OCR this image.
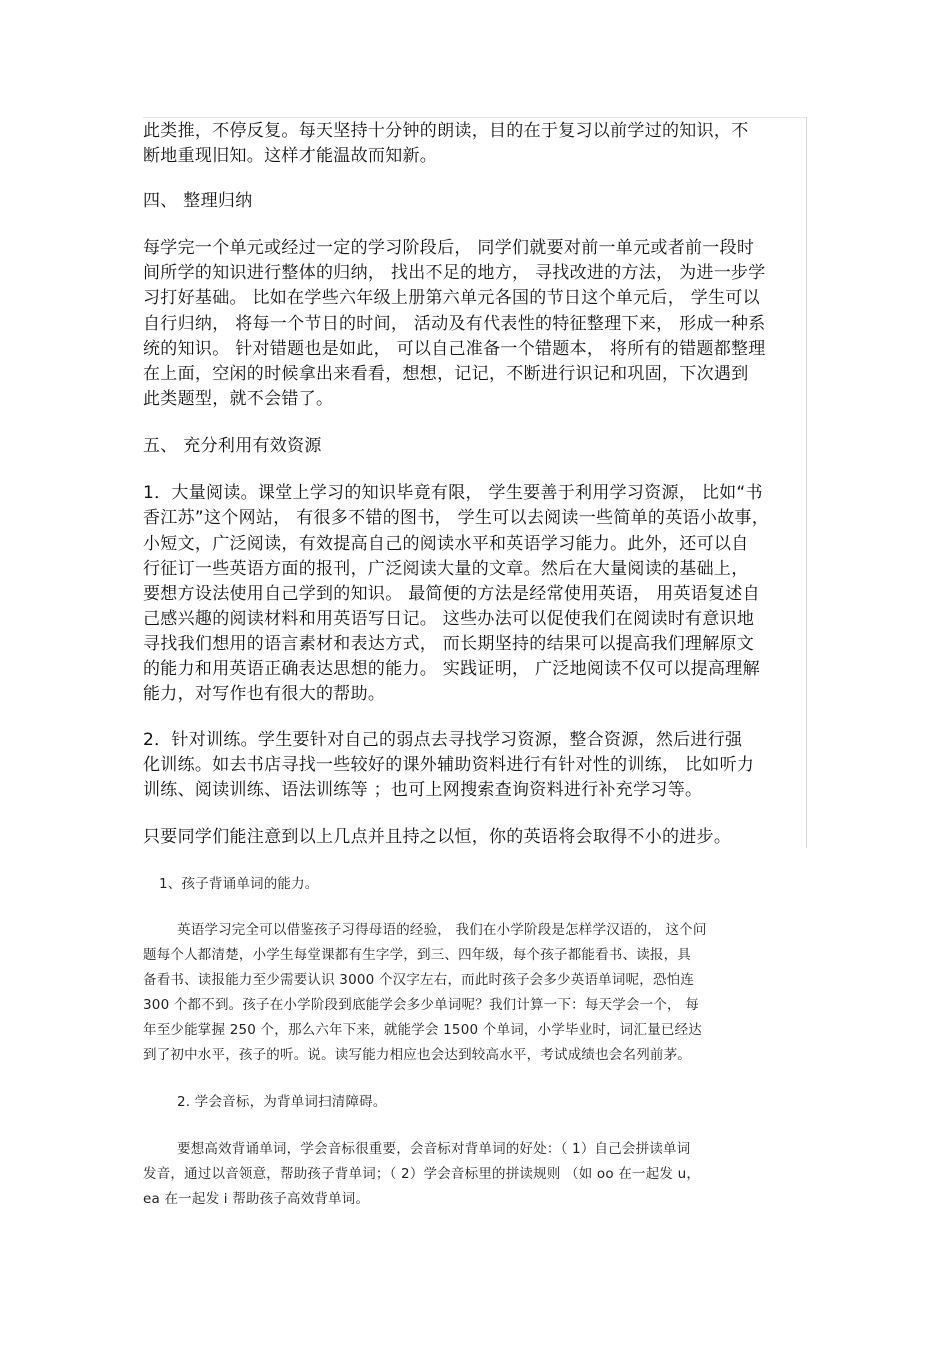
此类推，不停反复。每天坚持十分钟的朗读，目的在于复习以前学过的知识，不
断地重现旧知。这样才能温故而知新。
四、 整理归纳
每学完一个单元或经过一定的学习阶段后， 同学们就要对前一单元或者前一段时
间所学的知识进行整体的归纳， 找出不足的地方， 寻找改进的方法， 为进一步学
习打好基础。 比如在学些六年级上册第六单元各国的节日这个单元后， 学生可以
自行归纳， 将每一个节日的时间， 活动及有代表性的特征整理下来， 形成一种系
统的知识。 针对错题也是如此， 可以自己准备一个错题本， 将所有的错题都整理
在上面，空闲的时候拿出来看看，想想，记记，不断进行识记和巩固，下次遇到
此类题型，就不会错了。
五、 充分利用有效资源
1．大量阅读。课堂上学习的知识毕竟有限， 学生要善于利用学习资源， 比如“书
香江苏”这个网站， 有很多不错的图书， 学生可以去阅读一些简单的英语小故事，
小短文，广泛阅读，有效提高自己的阅读水平和英语学习能力。此外，还可以自
行征订一些英语方面的报刊，广泛阅读大量的文章。然后在大量阅读的基础上，
要想方设法使用自己学到的知识。 最简便的方法是经常使用英语， 用英语复述自
己感兴趣的阅读材料和用英语写日记。 这些办法可以促使我们在阅读时有意识地
寻找我们想用的语言素材和表达方式， 而长期坚持的结果可以提高我们理解原文
的能力和用英语正确表达思想的能力。 实践证明， 广泛地阅读不仅可以提高理解
能力，对写作也有很大的帮助。
2．针对训练。学生要针对自己的弱点去寻找学习资源，整合资源，然后进行强
化训练。如去书店寻找一些较好的课外辅助资料进行有针对性的训练， 比如听力
训练、阅读训练、语法训练等 ；也可上网搜索查询资料进行补充学习等。
只要同学们能注意到以上几点并且持之以恒，你的英语将会取得不小的进步。
1、孩子背诵单词的能力。
英语学习完全可以借鉴孩子习得母语的经验， 我们在小学阶段是怎样学汉语的， 这个问
题每个人都清楚，小学生每堂课都有生字学，到三、四年级，每个孩子都能看书、读报，具
备看书、读报能力至少需要认识 3000 个汉字左右，而此时孩子会多少英语单词呢，恐怕连
300 个都不到。孩子在小学阶段到底能学会多少单词呢？我们计算一下：每天学会一个， 每
年至少能掌握 250 个，那么六年下来，就能学会 1500 个单词，小学毕业时，词汇量已经达
到了初中水平，孩子的听。说。读写能力相应也会达到较高水平，考试成绩也会名列前茅。
2. 学会音标，为背单词扫清障碍。
要想高效背诵单词，学会音标很重要，会音标对背单词的好处：（ 1）自己会拼读单词
发音，通过以音领意，帮助孩子背单词；（ 2）学会音标里的拼读规则 （如 oo 在一起发 u，
ea 在一起发 i 帮助孩子高效背单词。
